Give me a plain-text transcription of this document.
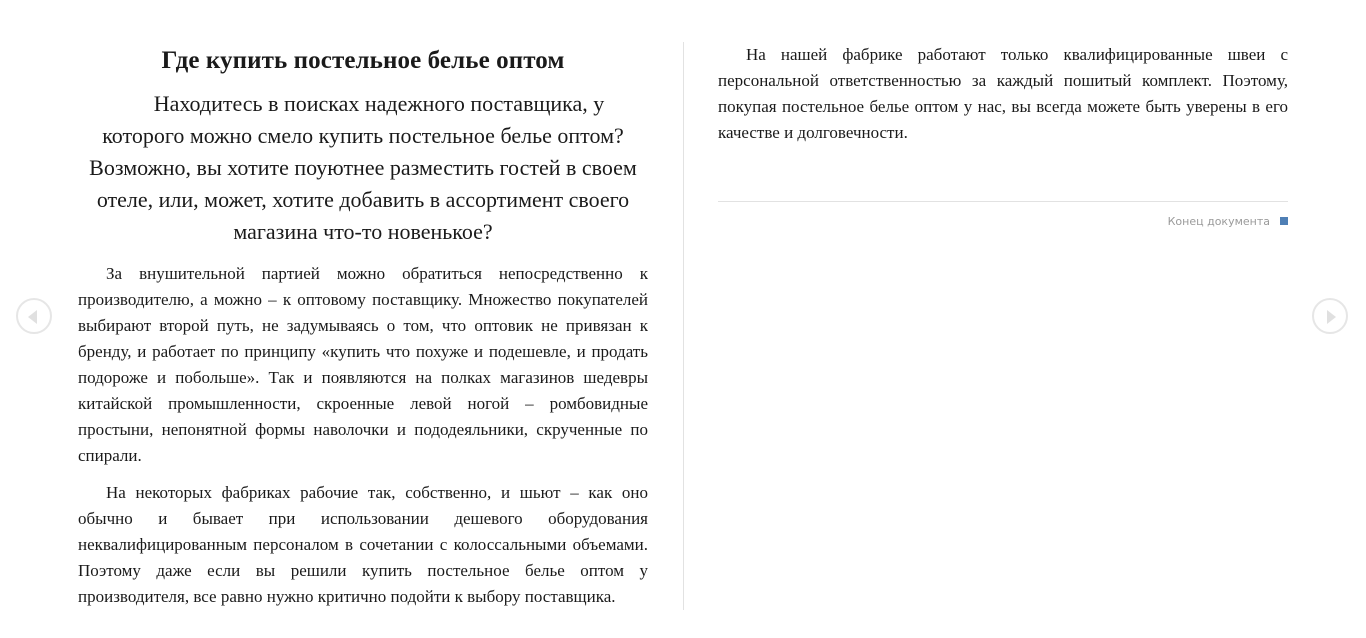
Где купить постельное белье оптом

Находитесь в поисках надежного поставщика, у которого можно смело купить постельное белье оптом? Возможно, вы хотите поуютнее разместить гостей в своем отеле, или, может, хотите добавить в ассортимент своего магазина что-то новенькое?

За внушительной партией можно обратиться непосредственно к производителю, а можно – к оптовому поставщику. Множество покупателей выбирают второй путь, не задумываясь о том, что оптовик не привязан к бренду, и работает по принципу «купить что похуже и подешевле, и продать подороже и побольше». Так и появляются на полках магазинов шедевры китайской промышленности, скроенные левой ногой – ромбовидные простыни, непонятной формы наволочки и пододеяльники, скрученные по спирали.

На некоторых фабриках рабочие так, собственно, и шьют – как оно обычно и бывает при использовании дешевого оборудования неквалифицированным персоналом в сочетании с колоссальными объемами. Поэтому даже если вы решили купить постельное белье оптом у производителя, все равно нужно критично подойти к выбору поставщика.

На нашей фабрике работают только квалифицированные швеи с персональной ответственностью за каждый пошитый комплект. Поэтому, покупая постельное белье оптом у нас, вы всегда можете быть уверены в его качестве и долговечности.

Конец документа
